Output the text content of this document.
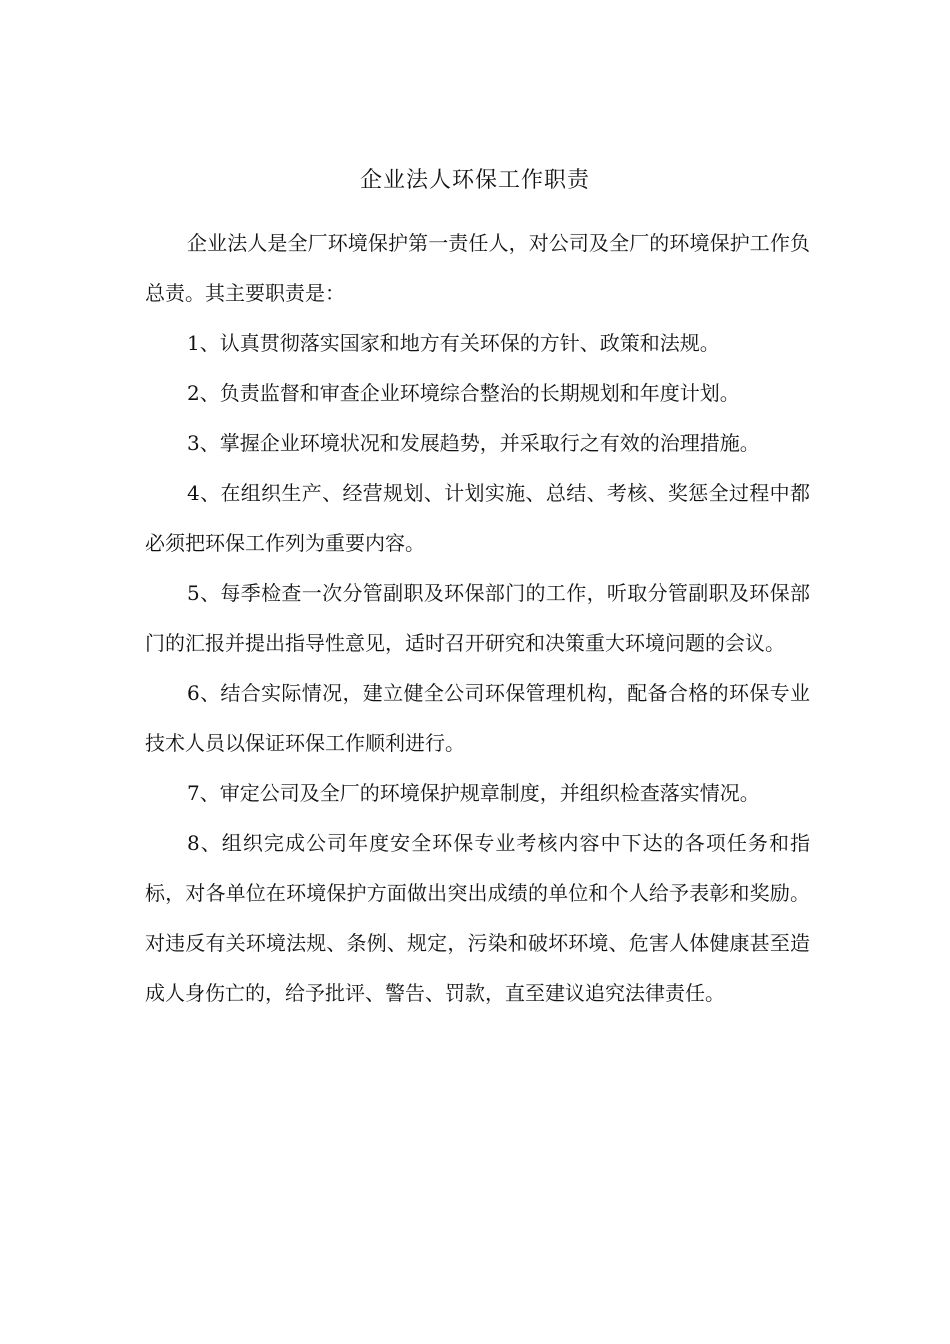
企业法人环保工作职责

企业法人是全厂环境保护第一责任人，对公司及全厂的环境保护工作负总责。其主要职责是：

1、认真贯彻落实国家和地方有关环保的方针、政策和法规。

2、负责监督和审查企业环境综合整治的长期规划和年度计划。

3、掌握企业环境状况和发展趋势，并采取行之有效的治理措施。

4、在组织生产、经营规划、计划实施、总结、考核、奖惩全过程中都必须把环保工作列为重要内容。

5、每季检查一次分管副职及环保部门的工作，听取分管副职及环保部门的汇报并提出指导性意见，适时召开研究和决策重大环境问题的会议。

6、结合实际情况，建立健全公司环保管理机构，配备合格的环保专业技术人员以保证环保工作顺利进行。

7、审定公司及全厂的环境保护规章制度，并组织检查落实情况。

8、组织完成公司年度安全环保专业考核内容中下达的各项任务和指标，对各单位在环境保护方面做出突出成绩的单位和个人给予表彰和奖励。对违反有关环境法规、条例、规定，污染和破坏环境、危害人体健康甚至造成人身伤亡的，给予批评、警告、罚款，直至建议追究法律责任。
